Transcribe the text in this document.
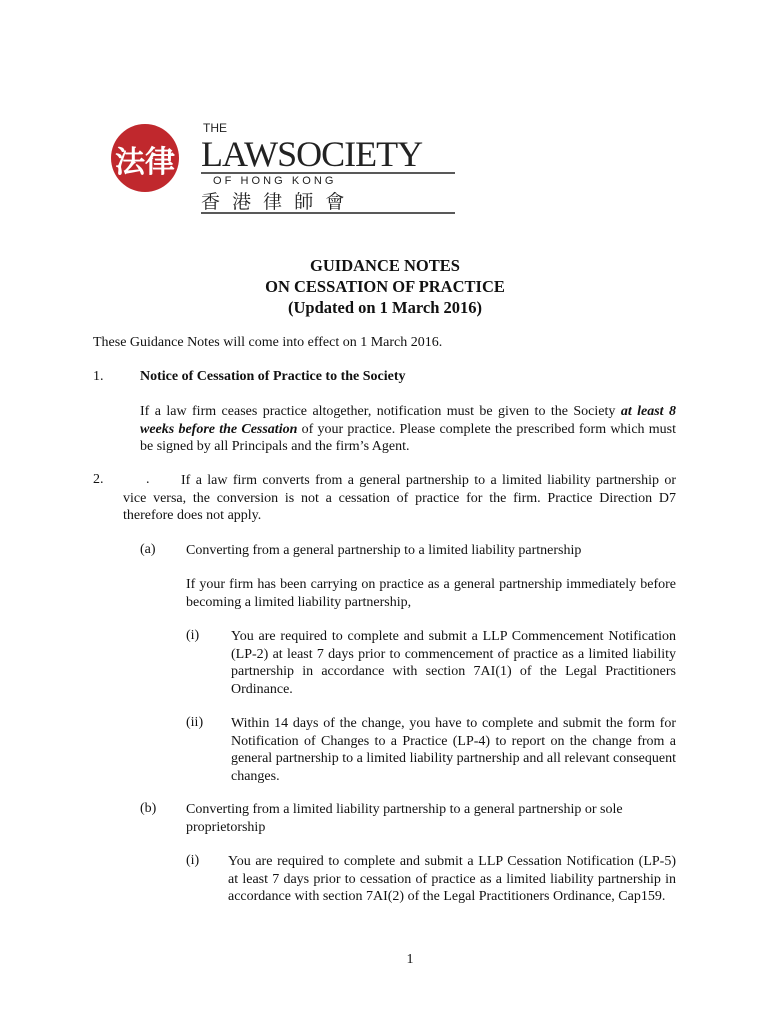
法律
THE
LAWSOCIETY
O F   H O N G   K O N G
香  港  律  師  會
GUIDANCE NOTES
ON CESSATION OF PRACTICE
(Updated on 1 March 2016)
These Guidance Notes will come into effect on 1 March 2016.
1.	Notice of Cessation of Practice to the Society
If a law firm ceases practice altogether, notification must be given to the Society at least 8 weeks before the Cessation of your practice. Please complete the prescribed form which must be signed by all Principals and the firm’s Agent.
2.	.	If a law firm converts from a general partnership to a limited liability partnership or vice versa, the conversion is not a cessation of practice for the firm. Practice Direction D7 therefore does not apply.
(a) Converting from a general partnership to a limited liability partnership
If your firm has been carrying on practice as a general partnership immediately before becoming a limited liability partnership,
(i) You are required to complete and submit a LLP Commencement Notification (LP-2) at least 7 days prior to commencement of practice as a limited liability partnership in accordance with section 7AI(1) of the Legal Practitioners Ordinance.
(ii) Within 14 days of the change, you have to complete and submit the form for Notification of Changes to a Practice (LP-4) to report on the change from a general partnership to a limited liability partnership and all relevant consequent changes.
(b) Converting from a limited liability partnership to a general partnership or sole proprietorship
(i) You are required to complete and submit a LLP Cessation Notification (LP-5) at least 7 days prior to cessation of practice as a limited liability partnership in accordance with section 7AI(2) of the Legal Practitioners Ordinance, Cap159.
1
